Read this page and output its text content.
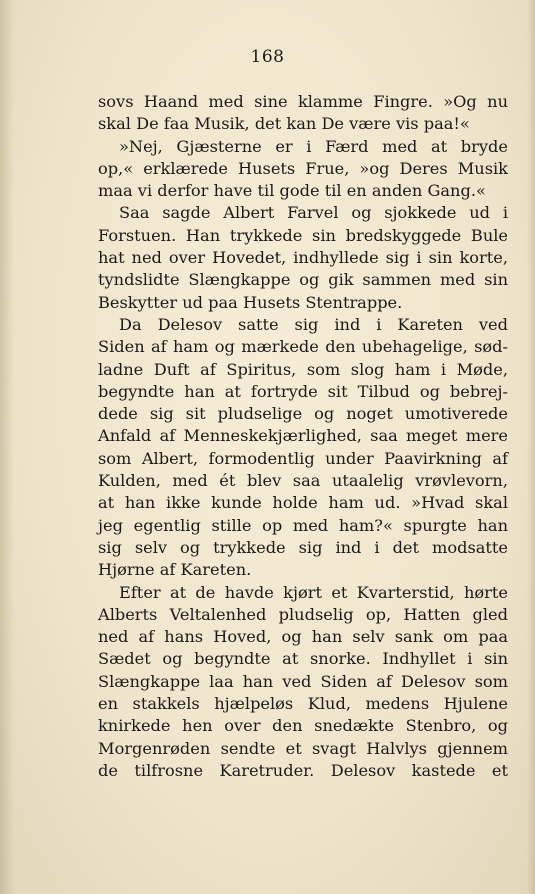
168
sovs Haand med sine klamme Fingre. »Og nu
skal De faa Musik, det kan De være vis paa!«
»Nej, Gjæsterne er i Færd med at bryde
op,« erklærede Husets Frue, »og Deres Musik
maa vi derfor have til gode til en anden Gang.«
Saa sagde Albert Farvel og sjokkede ud i
Forstuen. Han trykkede sin bredskyggede Bule
hat ned over Hovedet, indhyllede sig i sin korte,
tyndslidte Slængkappe og gik sammen med sin
Beskytter ud paa Husets Stentrappe.
Da Delesov satte sig ind i Kareten ved
Siden af ham og mærkede den ubehagelige, sød-
ladne Duft af Spiritus, som slog ham i Møde,
begyndte han at fortryde sit Tilbud og bebrej-
dede sig sit pludselige og noget umotiverede
Anfald af Menneskekjærlighed, saa meget mere
som Albert, formodentlig under Paavirkning af
Kulden, med ét blev saa utaalelig vrøvlevorn,
at han ikke kunde holde ham ud. »Hvad skal
jeg egentlig stille op med ham?« spurgte han
sig selv og trykkede sig ind i det modsatte
Hjørne af Kareten.
Efter at de havde kjørt et Kvarterstid, hørte
Alberts Veltalenhed pludselig op, Hatten gled
ned af hans Hoved, og han selv sank om paa
Sædet og begyndte at snorke. Indhyllet i sin
Slængkappe laa han ved Siden af Delesov som
en stakkels hjælpeløs Klud, medens Hjulene
knirkede hen over den snedækte Stenbro, og
Morgenrøden sendte et svagt Halvlys gjennem
de tilfrosne Karetruder. Delesov kastede et
